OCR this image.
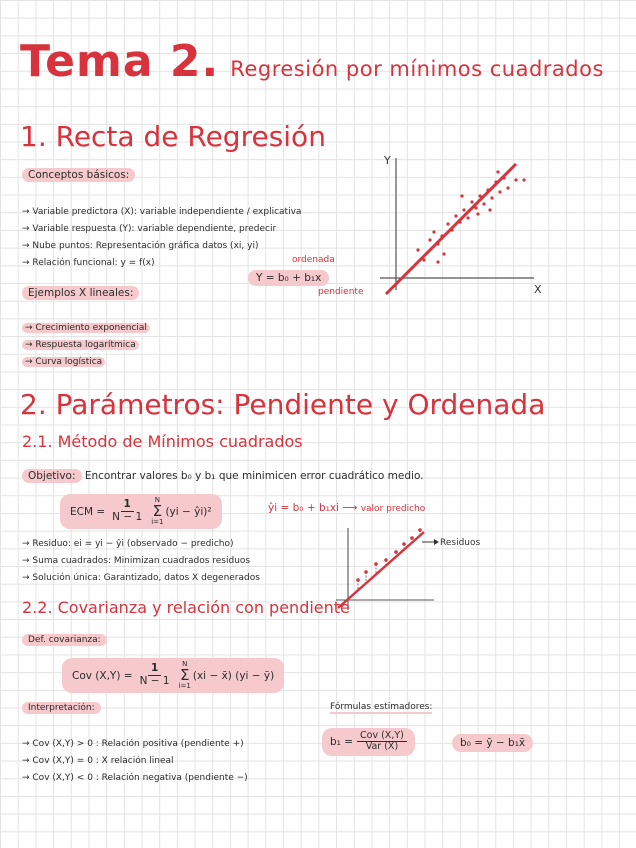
Tema 2. Regresión por mínimos cuadrados
1. Recta de Regresión
Conceptos básicos:
→ Variable predictora (X): variable independiente / explicativa
→ Variable respuesta (Y): variable dependiente, predecir
→ Nube puntos: Representación gráfica datos (xi, yi)
→ Relación funcional: y = f(x)
Ejemplos X lineales:
→ Crecimiento exponencial
→ Respuesta logarítmica
→ Curva logística
Y = b₀ + b₁x
ordenada
pendiente
Y
X
2. Parámetros: Pendiente y Ordenada
2.1. Método de Mínimos cuadrados
Objetivo: Encontrar valores b₀ y b₁ que minimicen error cuadrático medio.
ECM = $\frac{1}{N - 1}$ N
Σ
i=1
(yi − ŷi)²	ŷi = b₀ + b₁xi ⟶ valor predicho
→ Residuo: ei = yi − ŷi (observado − predicho)
→ Suma cuadrados: Minimizan cuadrados residuos
→ Solución única: Garantizado, datos X degenerados
Residuos
2.2. Covarianza y relación con pendiente
Def. covarianza:
Cov $(X,Y) = \frac{1}{N - 1}$ N
Σ
i=1
(xi − x̄) (yi − ȳ)
Interpretación:
→ Cov (X,Y) > 0 : Relación positiva (pendiente +)
→ Cov (X,Y) = 0 : X relación lineal
→ Cov (X,Y) < 0 : Relación negativa (pendiente −)
Fórmulas estimadores:
$b_1 = \frac{\text{Cov (X,Y)}}{\text{Var (X)}}$	b₀ = ȳ − b₁x̄
